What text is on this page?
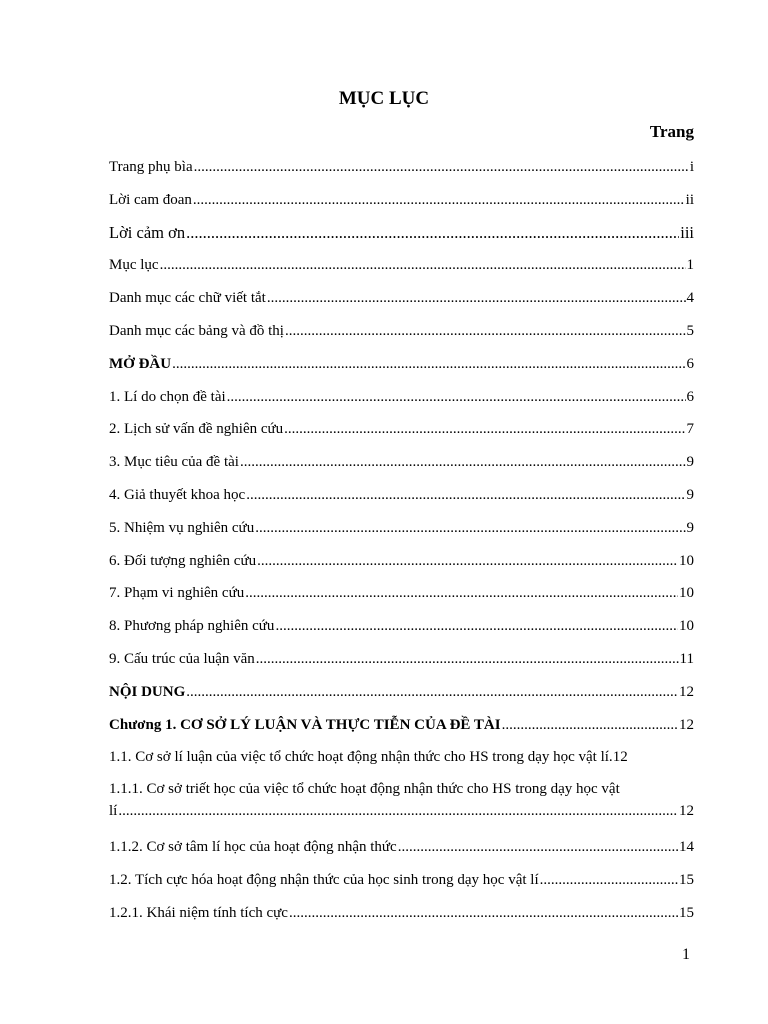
MỤC LỤC

Trang

Trang phụ bìa .....	i
Lời cam đoan .....	ii
Lời cảm ơn .....	iii
Mục lục .....	1
Danh mục các chữ viết tắt .....	4
Danh mục các bảng và đồ thị .....	5
MỞ ĐẦU .....	6
1. Lí do chọn đề tài .....	6
2. Lịch sử vấn đề nghiên cứu .....	7
3. Mục tiêu của đề tài .....	9
4. Giả thuyết khoa học .....	9
5. Nhiệm vụ nghiên cứu .....	9
6. Đối tượng nghiên cứu .....	10
7. Phạm vi nghiên cứu .....	10
8. Phương pháp nghiên cứu .....	10
9. Cấu trúc của luận văn .....	11
NỘI DUNG .....	12
Chương 1. CƠ SỞ LÝ LUẬN VÀ THỰC TIỄN CỦA ĐỀ TÀI .....	12
1.1. Cơ sở lí luận của việc tổ chức hoạt động nhận thức cho HS trong dạy học vật lí. 12
1.1.1. Cơ sở triết học của việc tổ chức hoạt động nhận thức cho HS trong dạy học vật
lí .....	12
1.1.2. Cơ sở tâm lí học của hoạt động nhận thức .....	14
1.2. Tích cực hóa hoạt động nhận thức của học sinh trong dạy học vật lí .....	15
1.2.1. Khái niệm tính tích cực .....	15

1
